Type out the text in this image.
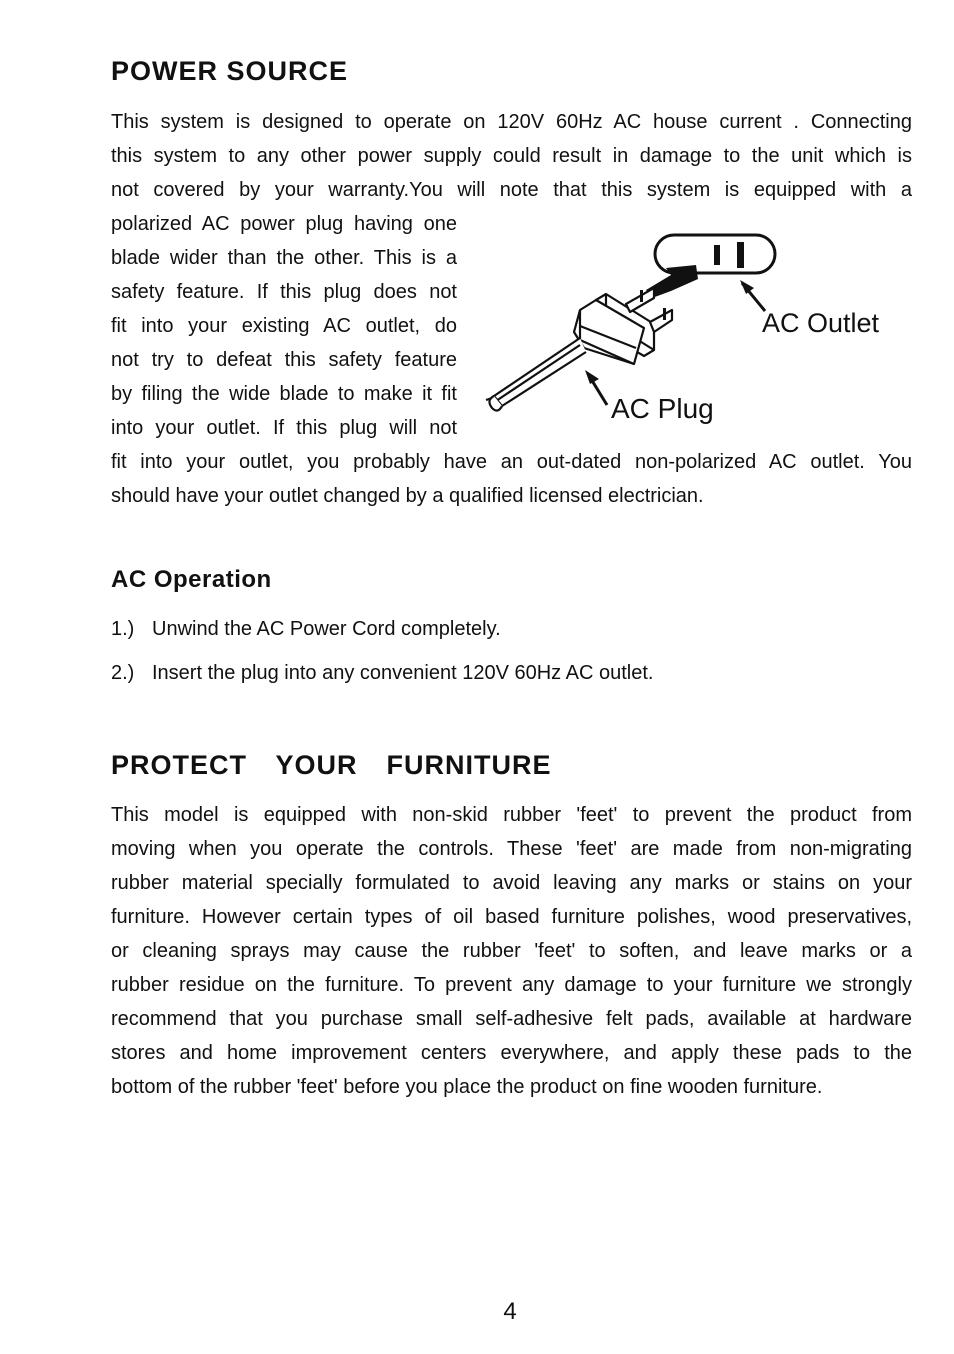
POWER SOURCE
This system is designed to operate on 120V 60Hz AC house current . Connecting
this system to any other power supply could result in damage to the unit which is
not covered by your warranty.You will note that this system is equipped with a
polarized AC power plug having one
blade wider than the other. This is a
safety feature. If this plug does not
fit into your existing AC outlet, do
not try to defeat this safety feature
by filing the wide blade to make it fit
into your outlet. If this plug will not
fit into your outlet, you probably have an out-dated non-polarized AC outlet. You
should have your outlet changed by a qualified licensed electrician.
AC Outlet
AC Plug
AC Operation
1.) Unwind the AC Power Cord completely.
2.) Insert the plug into any convenient 120V 60Hz AC outlet.
PROTECT  YOUR  FURNITURE
This model is equipped with non-skid rubber 'feet' to prevent the product from
moving when you operate the controls. These 'feet' are made from non-migrating
rubber material specially formulated to avoid leaving any marks or stains on your
furniture. However certain types of oil based furniture polishes, wood preservatives,
or cleaning sprays may cause the rubber 'feet' to soften, and leave marks or a
rubber residue on the furniture. To prevent any damage to your furniture we strongly
recommend that you purchase small self-adhesive felt pads, available at hardware
stores and home improvement centers everywhere, and apply these pads to the
bottom of the rubber 'feet' before you place the product on fine wooden furniture.
4
